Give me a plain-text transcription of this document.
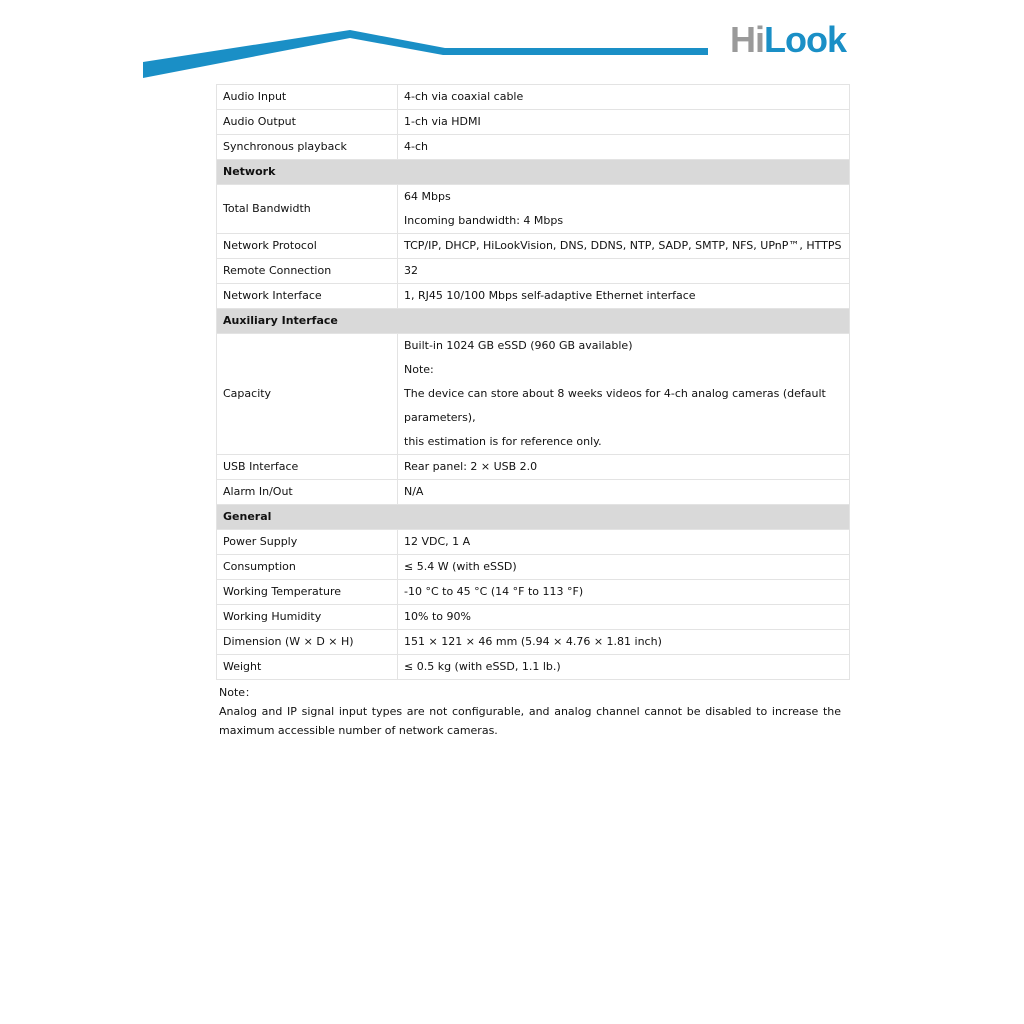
HiLook
Audio Input	4-ch via coaxial cable

Audio Output	1-ch via HDMI

Synchronous playback	4-ch

Network	
Total Bandwidth	64 Mbps
Incoming bandwidth: 4 Mbps

Network Protocol	TCP/IP, DHCP, HiLookVision, DNS, DDNS, NTP, SADP, SMTP, NFS, UPnP™, HTTPS

Remote Connection	32

Network Interface	1, RJ45 10/100 Mbps self-adaptive Ethernet interface

Auxiliary Interface	
Capacity	Built-in 1024 GB eSSD (960 GB available)
Note:
The device can store about 8 weeks videos for 4-ch analog cameras (default parameters),
this estimation is for reference only.

USB Interface	Rear panel: 2 × USB 2.0

Alarm In/Out	N/A

General	
Power Supply	12 VDC, 1 A

Consumption	≤ 5.4 W (with eSSD)

Working Temperature	-10 °C to 45 °C (14 °F to 113 °F)

Working Humidity	10% to 90%

Dimension (W × D × H)	151 × 121 × 46 mm (5.94 × 4.76 × 1.81 inch)

Weight	≤ 0.5 kg (with eSSD, 1.1 lb.)
Note：
Analog and IP signal input types are not configurable, and analog channel cannot be disabled to increase the maximum accessible number of network cameras.
